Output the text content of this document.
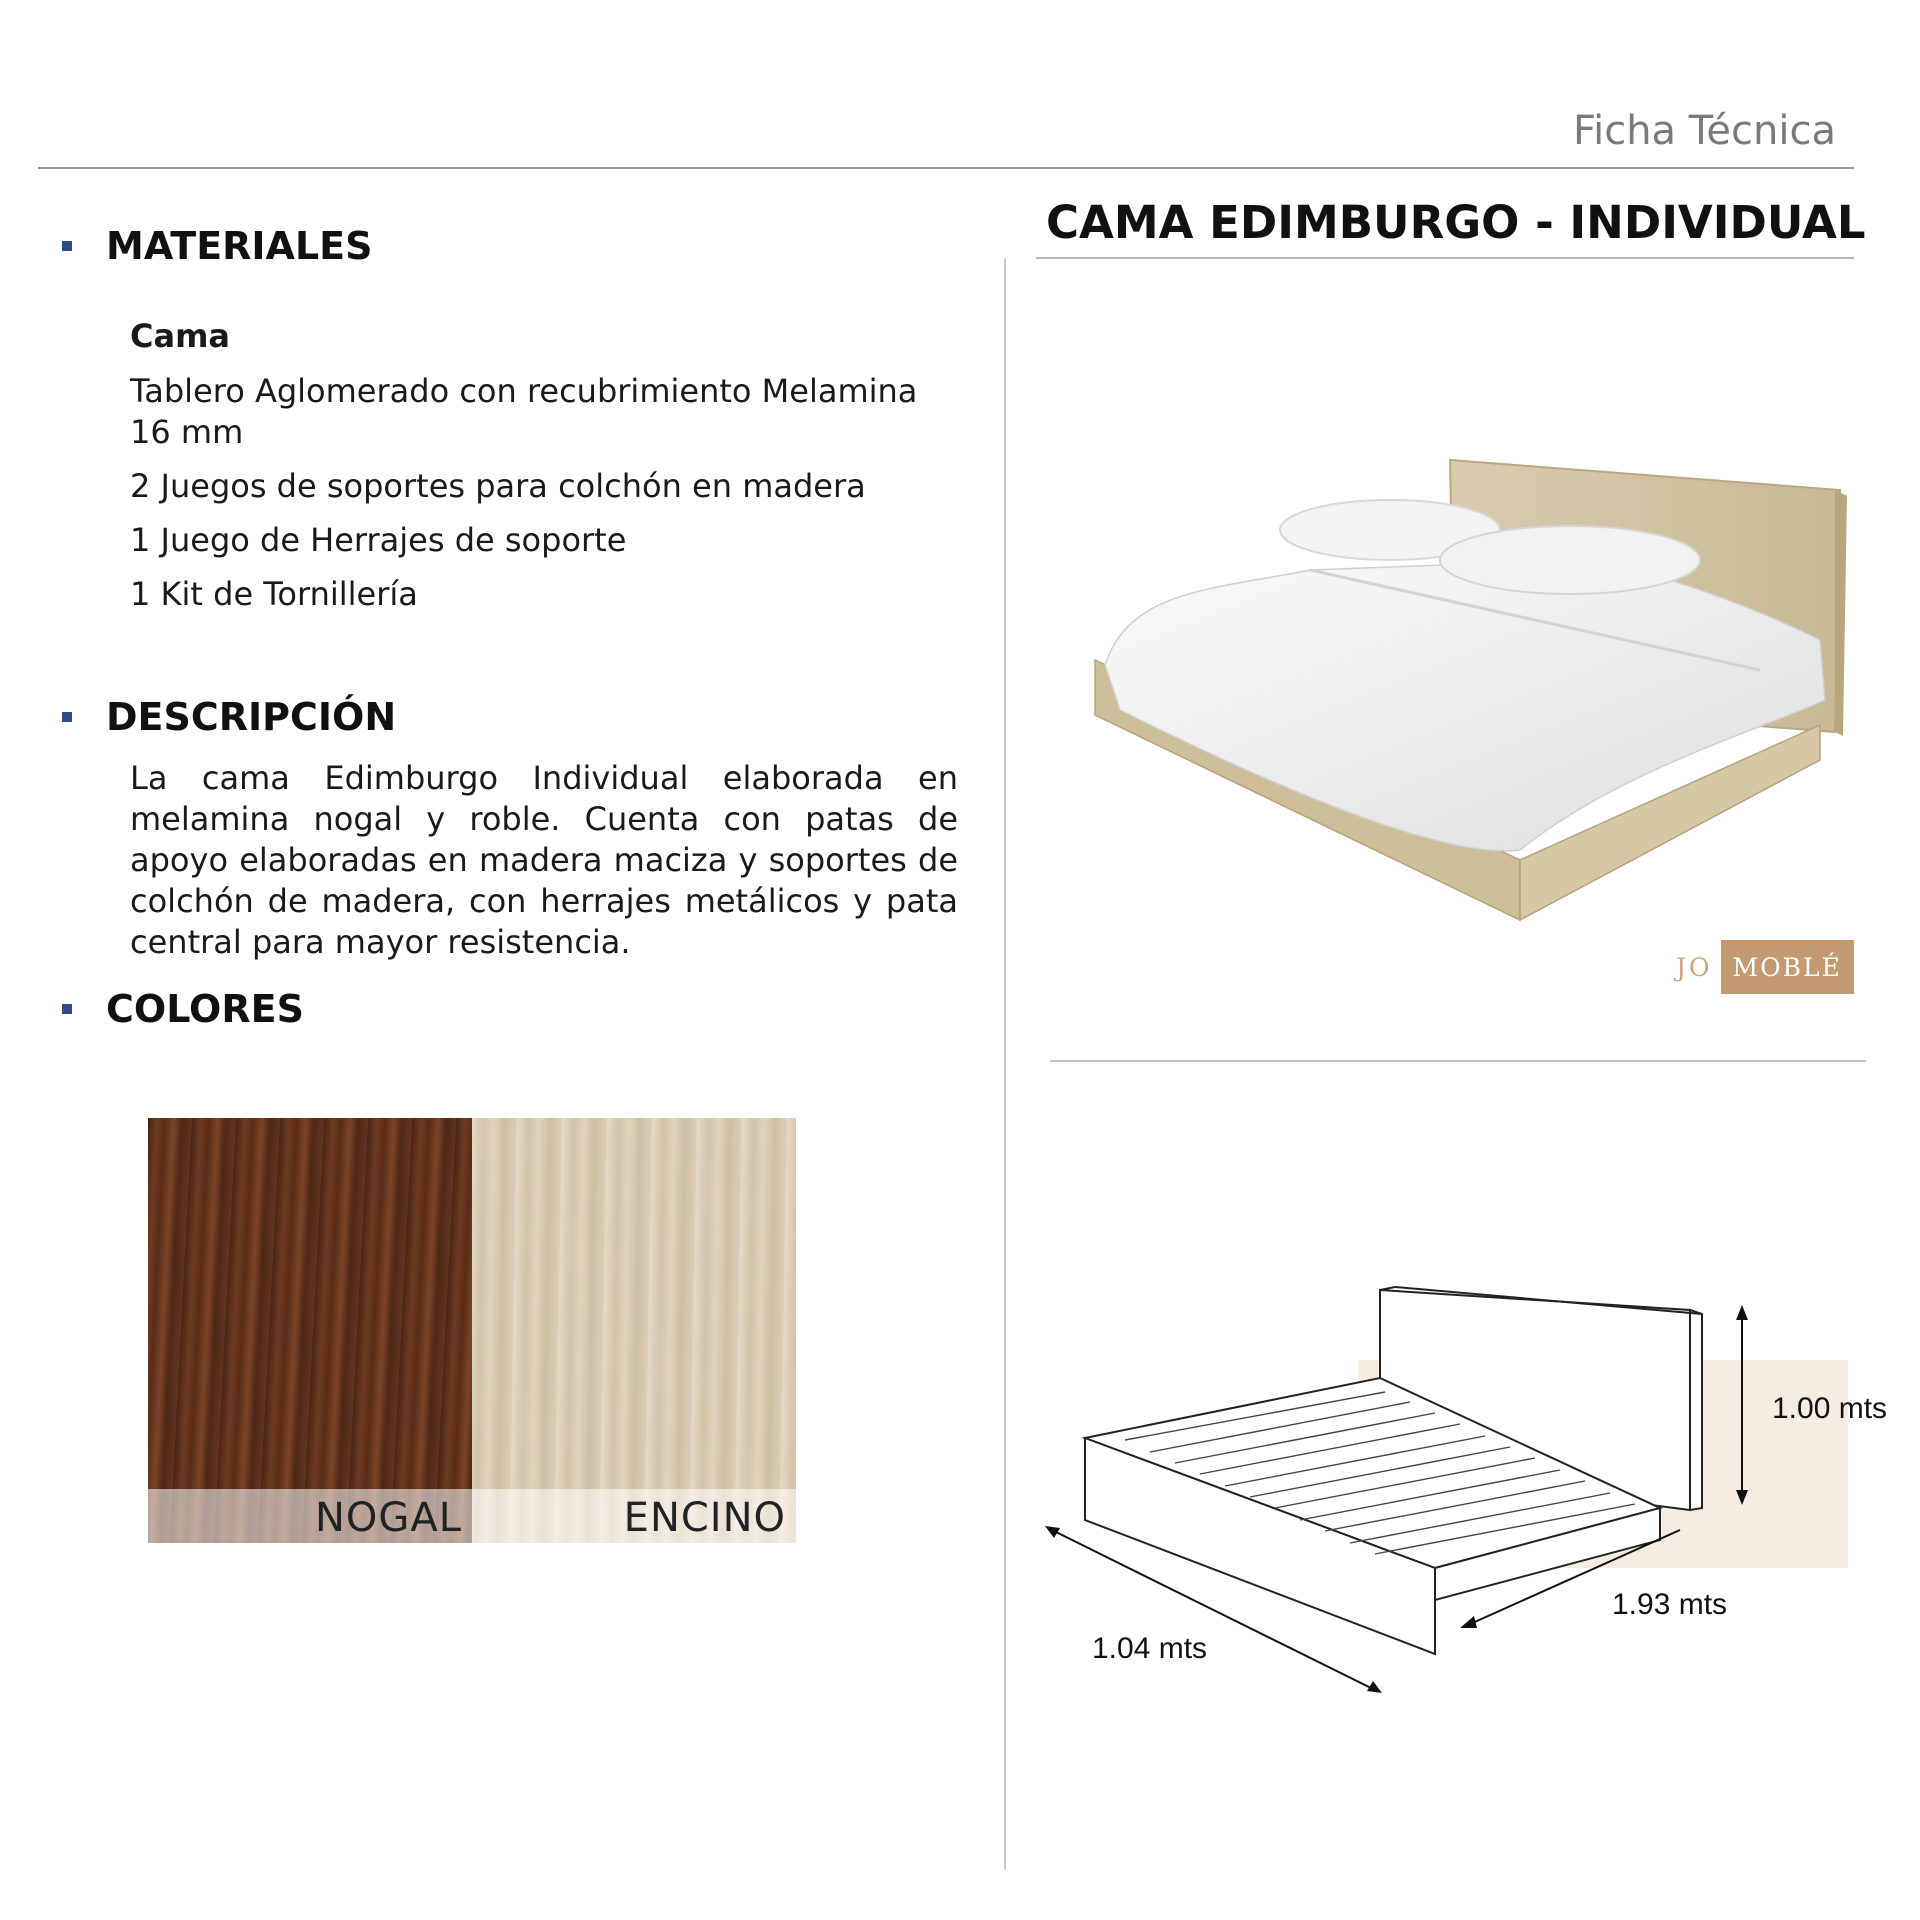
Ficha Técnica
CAMA EDIMBURGO - INDIVIDUAL
MATERIALES
Cama
Tablero Aglomerado con recubrimiento Melamina 16 mm
2 Juegos de soportes para colchón en madera
1 Juego de Herrajes de soporte
1 Kit de Tornillería
DESCRIPCIÓN
La cama Edimburgo Individual elaborada en melamina nogal y roble. Cuenta con patas de apoyo elaboradas en madera maciza y soportes de colchón de madera, con herrajes metálicos y pata central para mayor resistencia.
COLORES
NOGAL	ENCINO
JO MOBLÉ
1.00 mts
1.93 mts
1.04 mts
